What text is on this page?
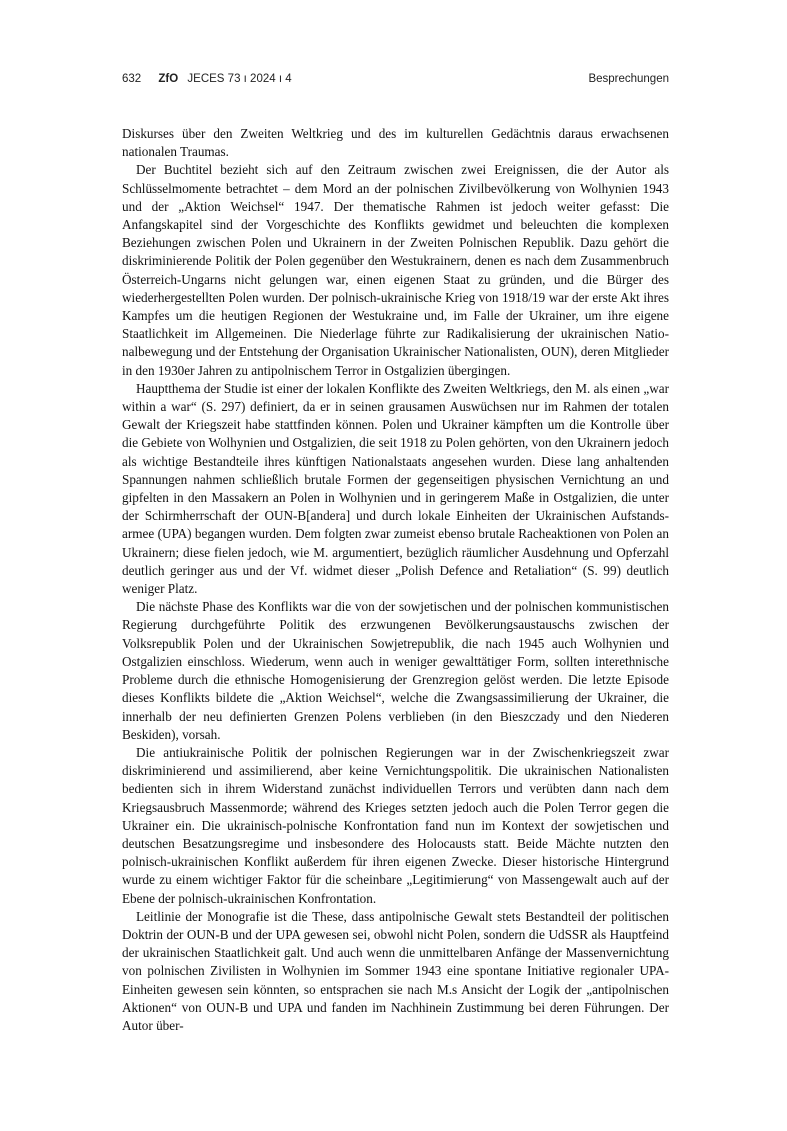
632 ZfO JECES 73 ı 2024 ı 4	Besprechungen

Diskurses über den Zweiten Weltkrieg und des im kulturellen Gedächtnis daraus erwachsenen nationalen Traumas.

Der Buchtitel bezieht sich auf den Zeitraum zwischen zwei Ereignissen, die der Autor als Schlüsselmomente betrachtet – dem Mord an der polnischen Zivilbevölkerung von Wolhynien 1943 und der „Aktion Weichsel“ 1947. Der thematische Rahmen ist jedoch weiter gefasst: Die Anfangskapitel sind der Vorgeschichte des Konflikts gewidmet und beleuchten die komplexen Beziehungen zwischen Polen und Ukrainern in der Zweiten Polnischen Republik. Dazu gehört die diskriminierende Politik der Polen gegenüber den Westukrainern, denen es nach dem Zusammenbruch Österreich-Ungarns nicht gelungen war, einen eigenen Staat zu gründen, und die Bürger des wiederhergestellten Polen wurden. Der polnisch-ukrainische Krieg von 1918/19 war der erste Akt ihres Kampfes um die heutigen Regionen der Westukraine und, im Falle der Ukrainer, um ihre eigene Staatlichkeit im Allgemeinen. Die Niederlage führte zur Radikalisierung der ukrainischen Nationalbewegung und der Entstehung der Organisation Ukrainischer Nationalisten, OUN), deren Mitglieder in den 1930er Jahren zu antipolnischem Terror in Ostgalizien übergingen.

Hauptthema der Studie ist einer der lokalen Konflikte des Zweiten Weltkriegs, den M. als einen „war within a war“ (S. 297) definiert, da er in seinen grausamen Auswüchsen nur im Rahmen der totalen Gewalt der Kriegszeit habe stattfinden können. Polen und Ukrainer kämpften um die Kontrolle über die Gebiete von Wolhynien und Ostgalizien, die seit 1918 zu Polen gehörten, von den Ukrainern jedoch als wichtige Bestandteile ihres künftigen Nationalstaats angesehen wurden. Diese lang anhaltenden Spannungen nahmen schließlich brutale Formen der gegenseitigen physischen Vernichtung an und gipfelten in den Massakern an Polen in Wolhynien und in geringerem Maße in Ostgalizien, die unter der Schirmherrschaft der OUN-B[andera] und durch lokale Einheiten der Ukrainischen Aufstandsarmee (UPA) begangen wurden. Dem folgten zwar zumeist ebenso brutale Racheaktionen von Polen an Ukrainern; diese fielen jedoch, wie M. argumentiert, bezüglich räumlicher Ausdehnung und Opferzahl deutlich geringer aus und der Vf. widmet dieser „Polish Defence and Retaliation“ (S. 99) deutlich weniger Platz.

Die nächste Phase des Konflikts war die von der sowjetischen und der polnischen kommunistischen Regierung durchgeführte Politik des erzwungenen Bevölkerungsaustauschs zwischen der Volksrepublik Polen und der Ukrainischen Sowjetrepublik, die nach 1945 auch Wolhynien und Ostgalizien einschloss. Wiederum, wenn auch in weniger gewalttätiger Form, sollten interethnische Probleme durch die ethnische Homogenisierung der Grenzregion gelöst werden. Die letzte Episode dieses Konflikts bildete die „Aktion Weichsel“, welche die Zwangsassimilierung der Ukrainer, die innerhalb der neu definierten Grenzen Polens verblieben (in den Bieszczady und den Niederen Beskiden), vorsah.

Die antiukrainische Politik der polnischen Regierungen war in der Zwischenkriegszeit zwar diskriminierend und assimilierend, aber keine Vernichtungspolitik. Die ukrainischen Nationalisten bedienten sich in ihrem Widerstand zunächst individuellen Terrors und verübten dann nach dem Kriegsausbruch Massenmorde; während des Krieges setzten jedoch auch die Polen Terror gegen die Ukrainer ein. Die ukrainisch-polnische Konfrontation fand nun im Kontext der sowjetischen und deutschen Besatzungsregime und insbesondere des Holocausts statt. Beide Mächte nutzten den polnisch-ukrainischen Konflikt außerdem für ihren eigenen Zwecke. Dieser historische Hintergrund wurde zu einem wichtiger Faktor für die scheinbare „Legitimierung“ von Massengewalt auch auf der Ebene der polnisch-ukrainischen Konfrontation.

Leitlinie der Monografie ist die These, dass antipolnische Gewalt stets Bestandteil der politischen Doktrin der OUN-B und der UPA gewesen sei, obwohl nicht Polen, sondern die UdSSR als Hauptfeind der ukrainischen Staatlichkeit galt. Und auch wenn die unmittelbaren Anfänge der Massenvernichtung von polnischen Zivilisten in Wolhynien im Sommer 1943 eine spontane Initiative regionaler UPA-Einheiten gewesen sein könnten, so entsprachen sie nach M.s Ansicht der Logik der „antipolnischen Aktionen“ von OUN-B und UPA und fanden im Nachhinein Zustimmung bei deren Führungen. Der Autor über-
